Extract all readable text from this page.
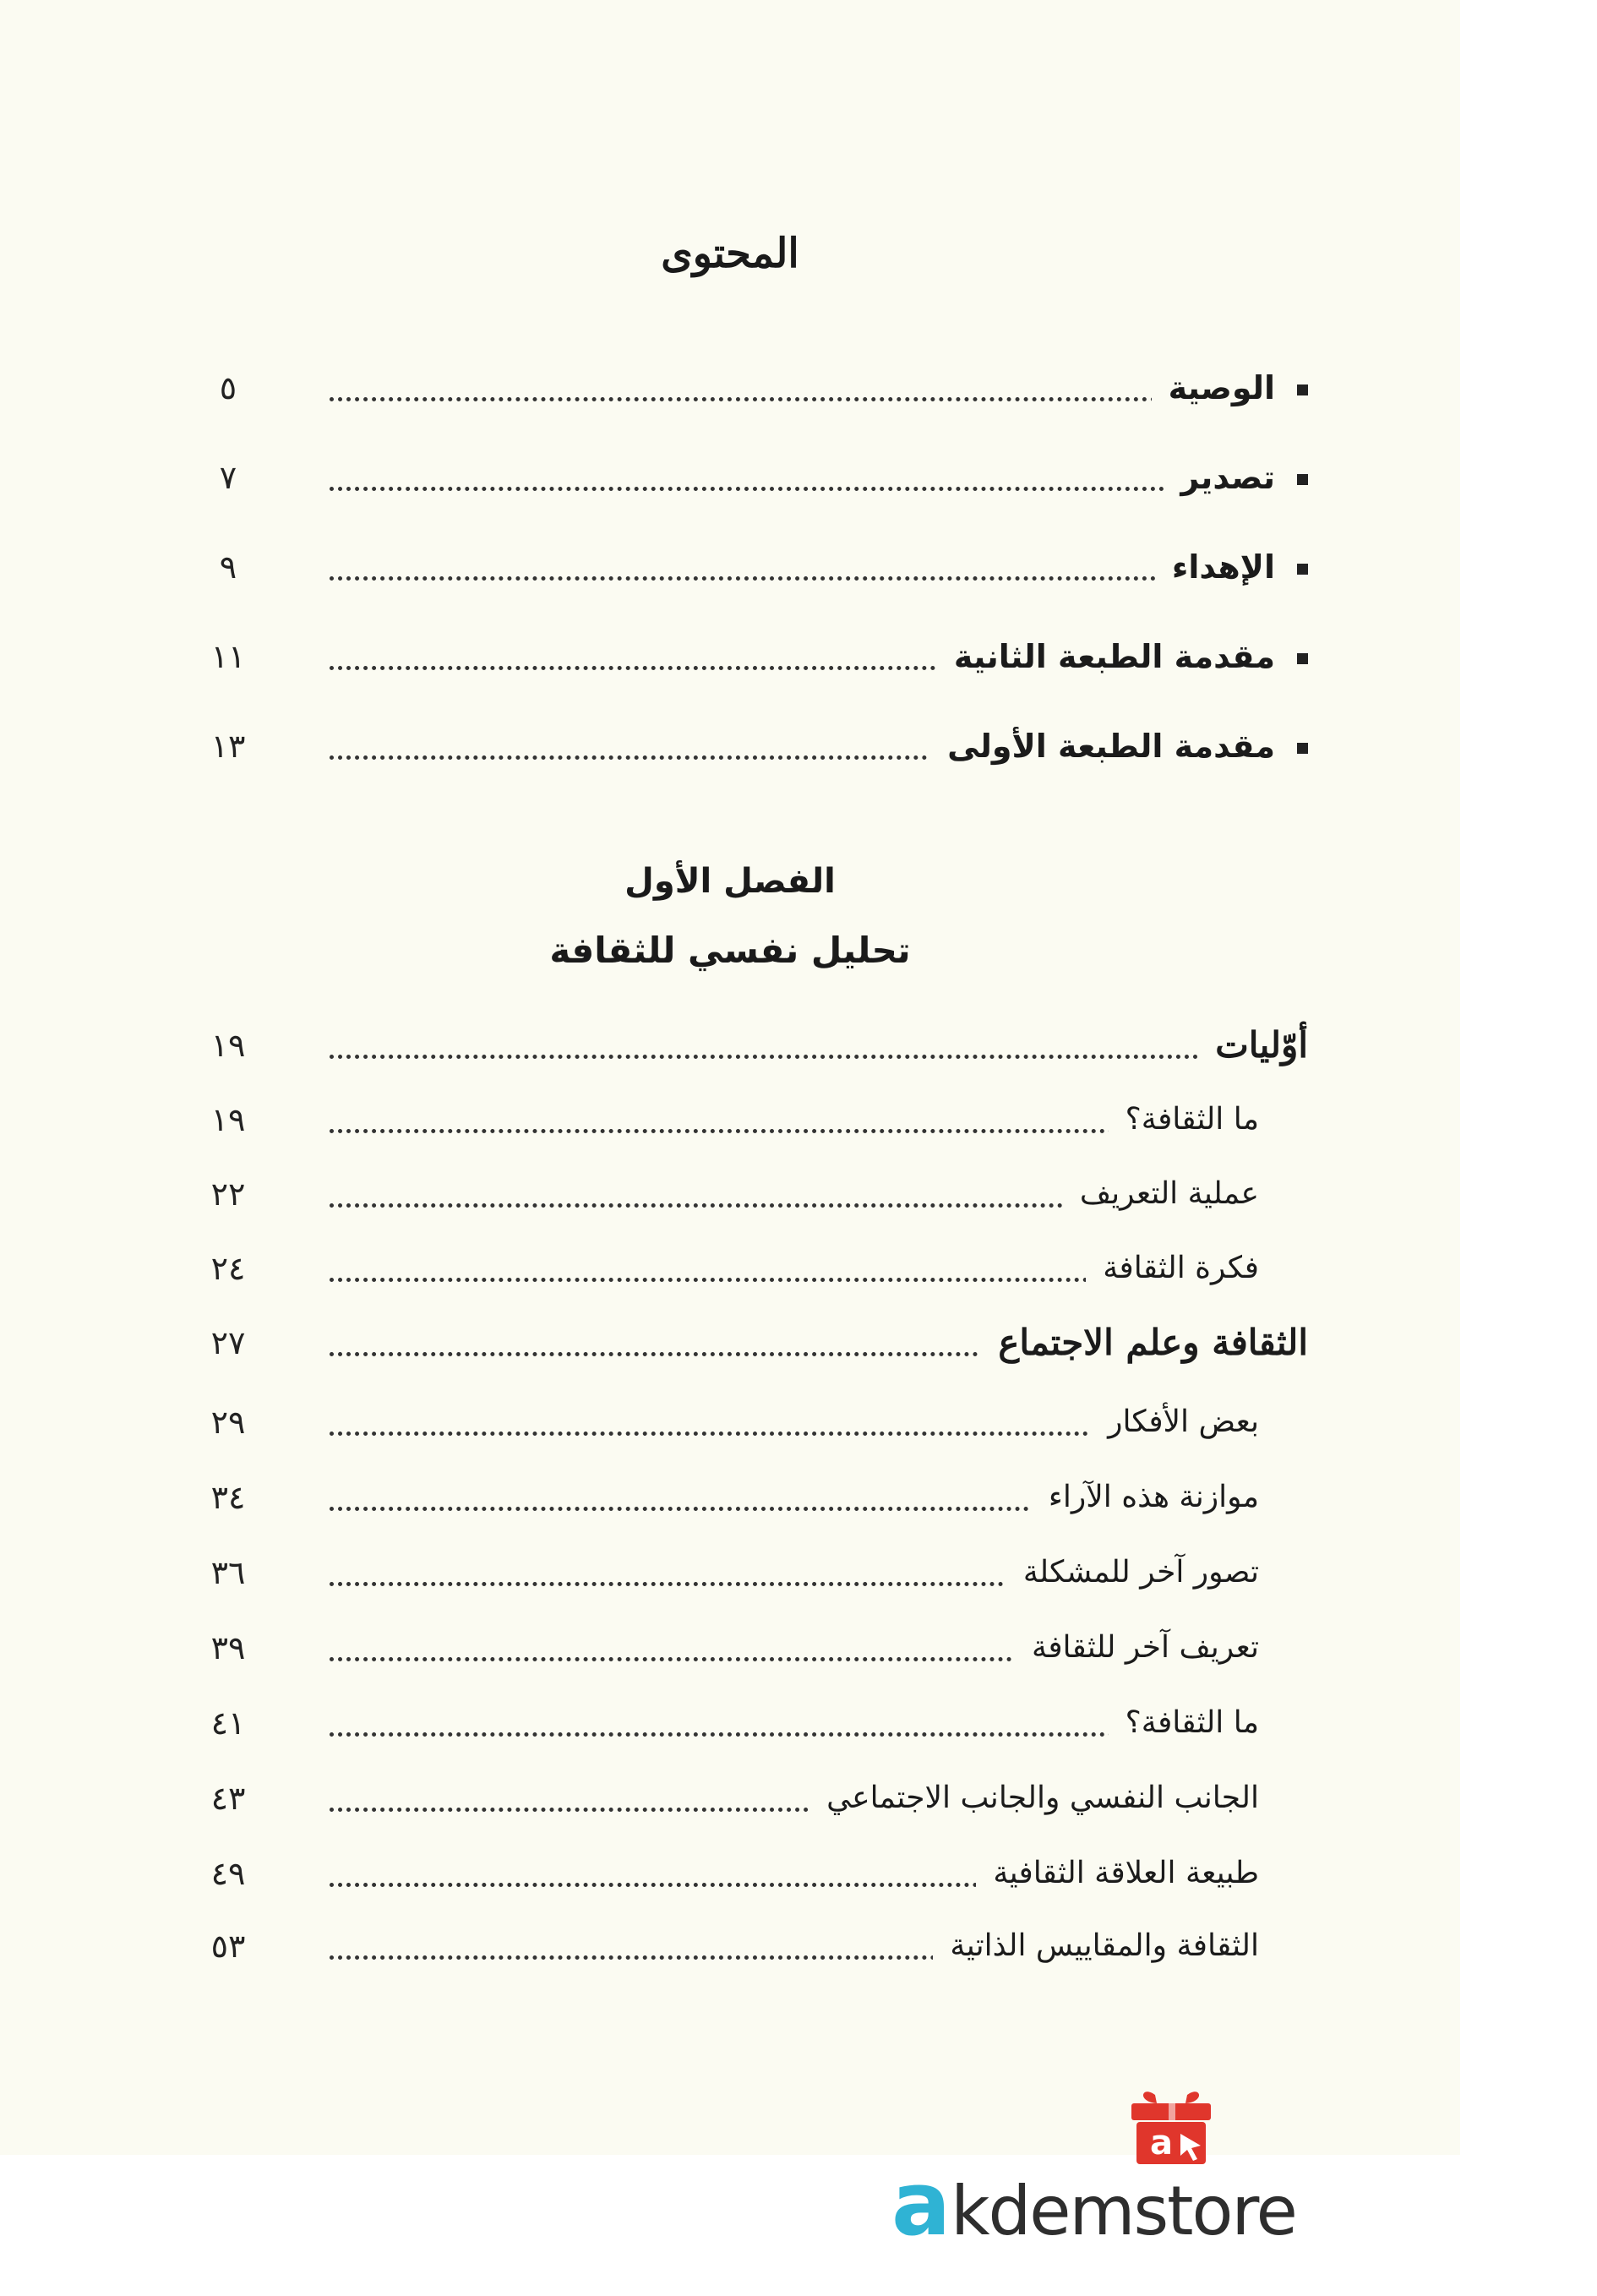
المحتوى
الوصية
٥
تصدير
٧
الإهداء
٩
مقدمة الطبعة الثانية
١١
مقدمة الطبعة الأولى
١٣
الفصل الأول
تحليل نفسي للثقافة
أوّليات
١٩
ما الثقافة؟
١٩
عملية التعريف
٢٢
فكرة الثقافة
٢٤
الثقافة وعلم الاجتماع
٢٧
بعض الأفكار
٢٩
موازنة هذه الآراء
٣٤
تصور آخر للمشكلة
٣٦
تعريف آخر للثقافة
٣٩
ما الثقافة؟
٤١
الجانب النفسي والجانب الاجتماعي
٤٣
طبيعة العلاقة الثقافية
٤٩
الثقافة والمقاييس الذاتية
٥٣
a
akdemstore
